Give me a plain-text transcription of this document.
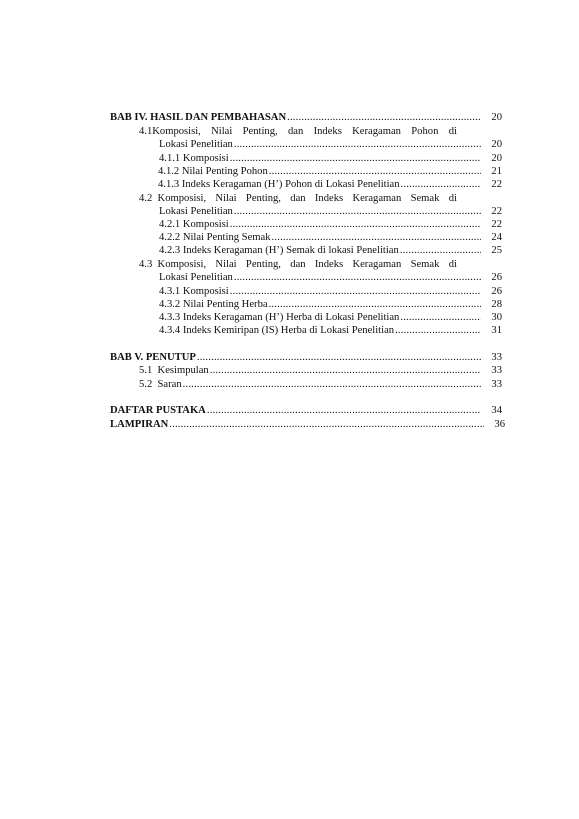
BAB IV. HASIL DAN PEMBAHASAN .....	20
4.1Komposisi, Nilai Penting, dan Indeks Keragaman Pohon di
Lokasi Penelitian .....	20
4.1.1 Komposisi .....	20
4.1.2 Nilai Penting Pohon .....	21
4.1.3 Indeks Keragaman (H’) Pohon di Lokasi Penelitian .....	22
4.2 Komposisi, Nilai Penting, dan Indeks Keragaman Semak di
Lokasi Penelitian .....	22
4.2.1 Komposisi .....	22
4.2.2 Nilai Penting Semak .....	24
4.2.3 Indeks Keragaman (H’) Semak di lokasi Penelitian .....	25
4.3 Komposisi, Nilai Penting, dan Indeks Keragaman Semak di
Lokasi Penelitian .....	26
4.3.1 Komposisi .....	26
4.3.2 Nilai Penting Herba .....	28
4.3.3 Indeks Keragaman (H’) Herba di Lokasi Penelitian .....	30
4.3.4 Indeks Kemiripan (IS) Herba di Lokasi Penelitian .....	31
BAB V. PENUTUP .....	33
5.1  Kesimpulan .....	33
5.2  Saran .....	33
DAFTAR PUSTAKA .....	34
LAMPIRAN .....	36
